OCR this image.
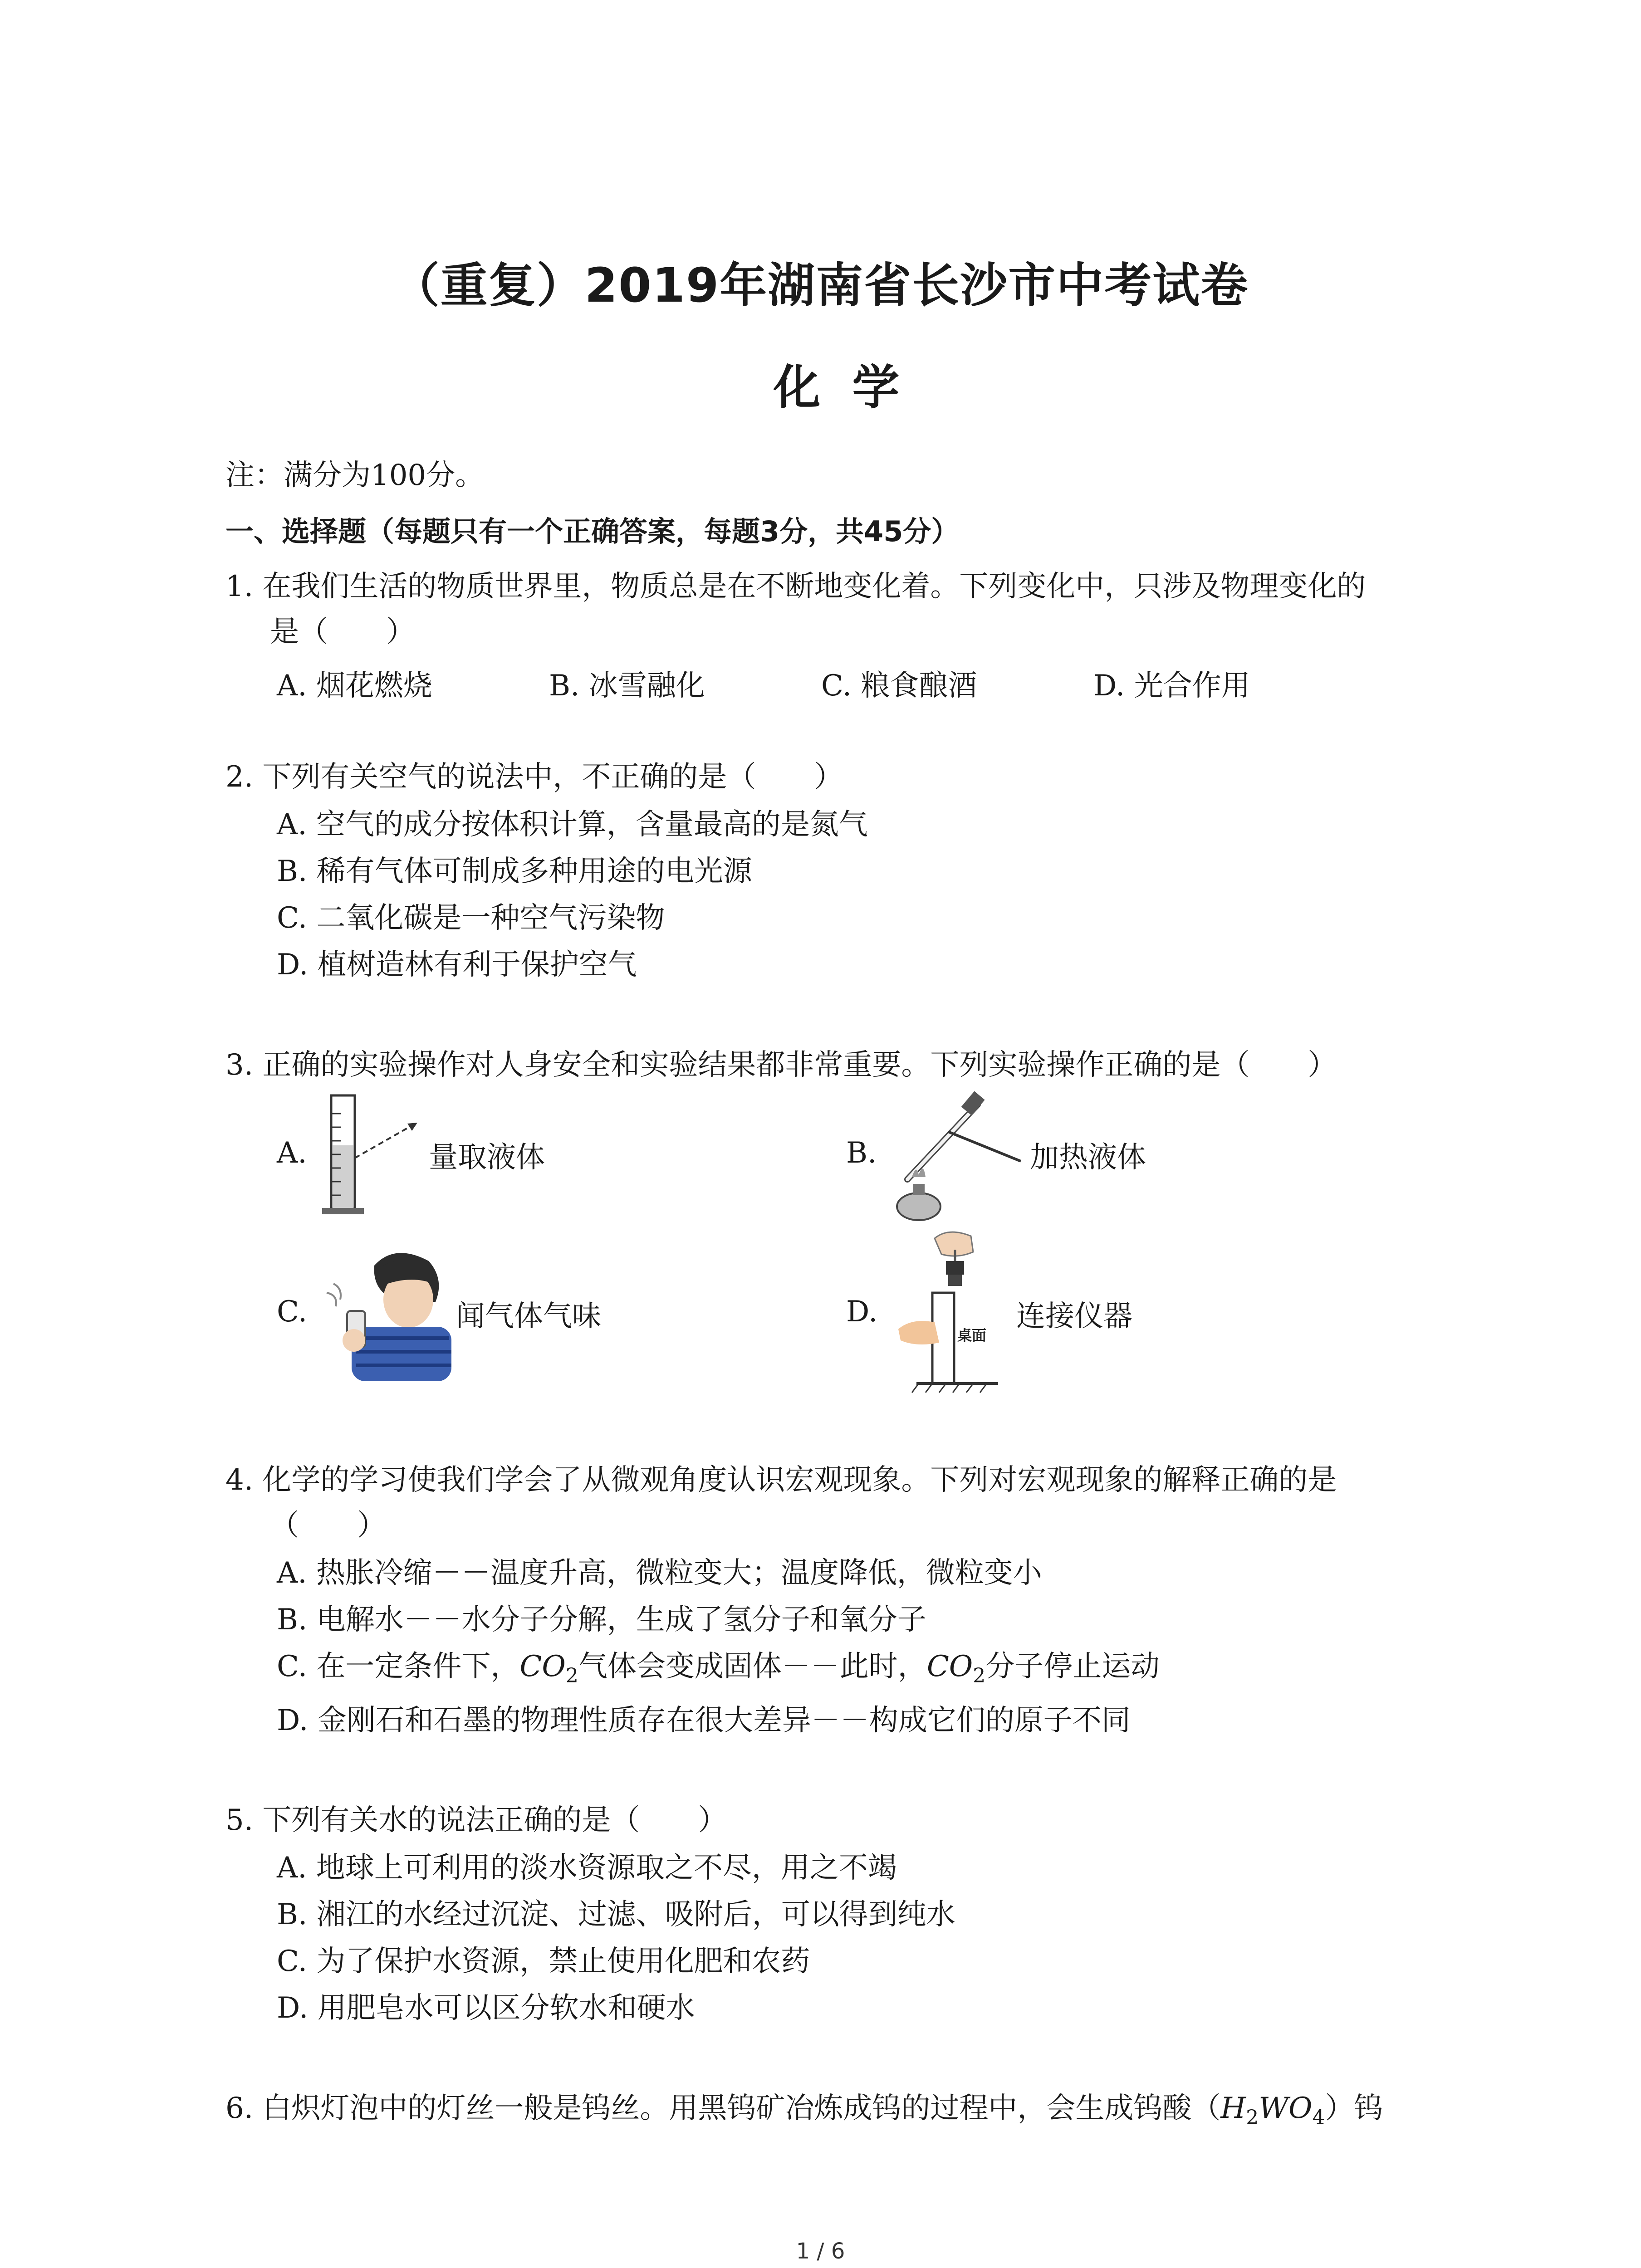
（重复）2019年湖南省长沙市中考试卷
化学
注：满分为100分。
一、选择题（每题只有一个正确答案，每题3分，共45分）
1. 在我们生活的物质世界里，物质总是在不断地变化着。下列变化中，只涉及物理变化的
是（　　）
A. 烟花燃烧	B. 冰雪融化	C. 粮食酿酒	D. 光合作用
2. 下列有关空气的说法中，不正确的是（　　）
A. 空气的成分按体积计算，含量最高的是氮气
B. 稀有气体可制成多种用途的电光源
C. 二氧化碳是一种空气污染物
D. 植树造林有利于保护空气
3. 正确的实验操作对人身安全和实验结果都非常重要。下列实验操作正确的是（　　）
A.	量取液体	B.	加热液体
C.	闻气体气味	D.
桌面
连接仪器
4. 化学的学习使我们学会了从微观角度认识宏观现象。下列对宏观现象的解释正确的是
（　　）
A. 热胀冷缩－－温度升高，微粒变大；温度降低，微粒变小
B. 电解水－－水分子分解，生成了氢分子和氧分子
C. 在一定条件下，$CO_2$气体会变成固体－－此时，$CO_2$分子停止运动
D. 金刚石和石墨的物理性质存在很大差异－－构成它们的原子不同
5. 下列有关水的说法正确的是（　　）
A. 地球上可利用的淡水资源取之不尽，用之不竭
B. 湘江的水经过沉淀、过滤、吸附后，可以得到纯水
C. 为了保护水资源，禁止使用化肥和农药
D. 用肥皂水可以区分软水和硬水
6. 白炽灯泡中的灯丝一般是钨丝。用黑钨矿冶炼成钨的过程中，会生成钨酸$(H_2WO_4)$钨
1 / 6
